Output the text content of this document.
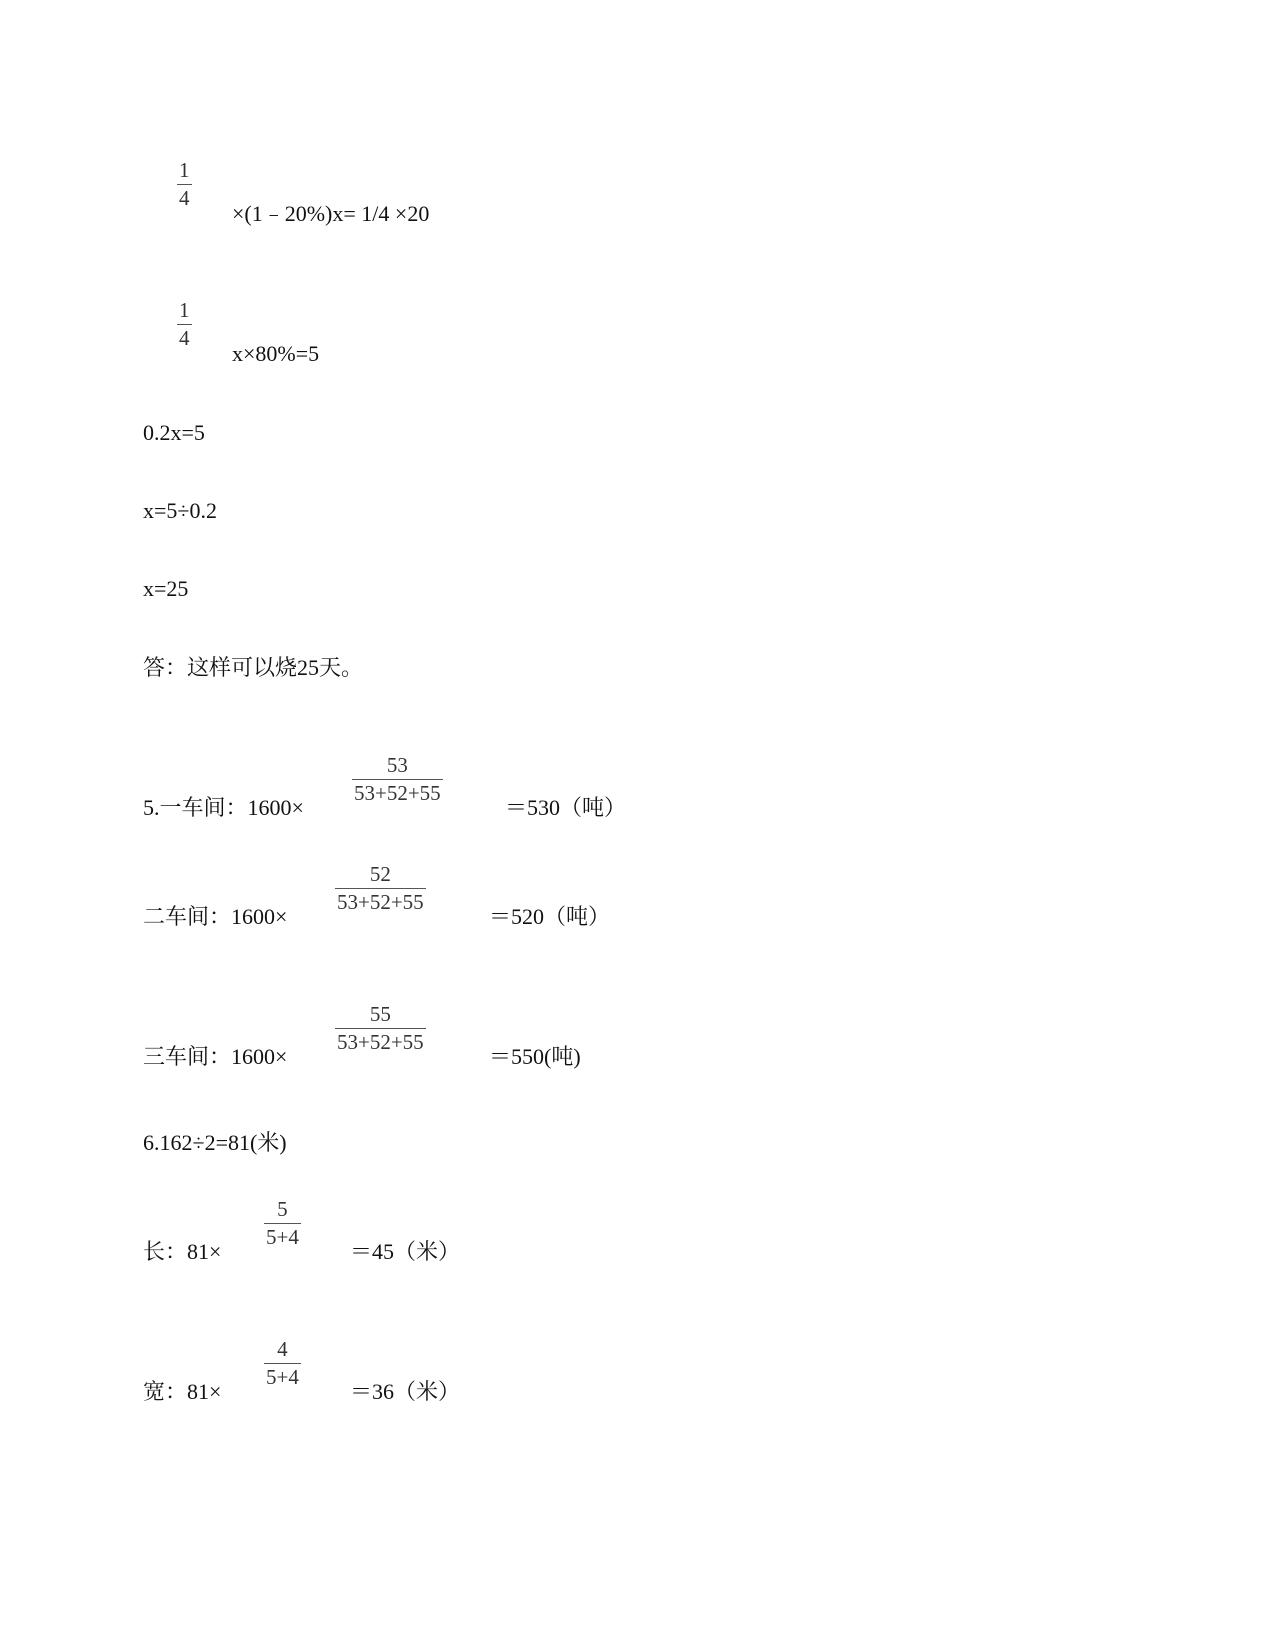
1
4
×(1﹣20%)x= 1/4 ×20
1
4
x×80%=5
0.2x=5
x=5÷0.2
x=25
答：这样可以烧25天。
5.一车间：1600×
53
53+52+55
＝530（吨）
二车间：1600×
52
53+52+55
＝520（吨）
三车间：1600×
55
53+52+55
＝550(吨)
6.162÷2=81(米)
长：81×
5
5+4
＝45（米）
宽：81×
4
5+4
＝36（米）
